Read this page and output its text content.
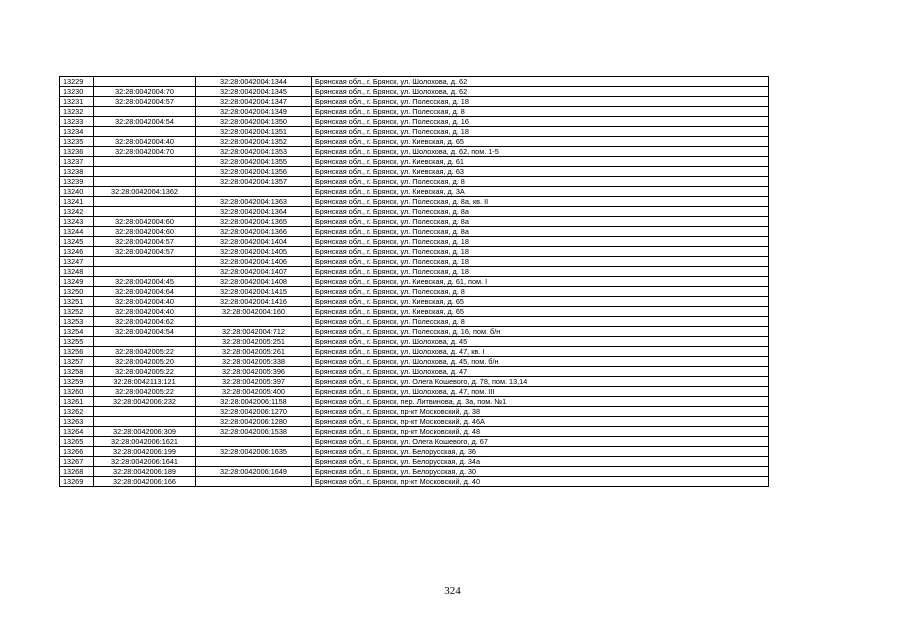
13229		32:28:0042004:1344	Брянская обл., г. Брянск, ул. Шолохова, д. 62
13230	32:28:0042004:70	32:28:0042004:1345	Брянская обл., г. Брянск, ул. Шолохова, д. 62
13231	32:28:0042004:57	32:28:0042004:1347	Брянская обл., г. Брянск, ул. Полесская, д. 18
13232		32:28:0042004:1349	Брянская обл., г. Брянск, ул. Полесская, д. 8
13233	32:28:0042004:54	32:28:0042004:1350	Брянская обл., г. Брянск, ул. Полесская, д. 16
13234		32:28:0042004:1351	Брянская обл., г. Брянск, ул. Полесская, д. 18
13235	32:28:0042004:40	32:28:0042004:1352	Брянская обл., г. Брянск, ул. Киевская, д. 65
13236	32:28:0042004:70	32:28:0042004:1353	Брянская обл., г. Брянск, ул. Шолохова, д. 62, пом. 1-5
13237		32:28:0042004:1355	Брянская обл., г. Брянск, ул. Киевская, д. 61
13238		32:28:0042004:1356	Брянская обл., г. Брянск, ул. Киевская, д. 63
13239		32:28:0042004:1357	Брянская обл., г. Брянск, ул. Полесская, д. 8
13240	32:28:0042004:1362		Брянская обл., г. Брянск, ул. Киевская, д. 3А
13241		32:28:0042004:1363	Брянская обл., г. Брянск, ул. Полесская, д. 8а, кв. II
13242		32:28:0042004:1364	Брянская обл., г. Брянск, ул. Полесская, д. 8а
13243	32:28:0042004:60	32:28:0042004:1365	Брянская обл., г. Брянск, ул. Полесская, д. 8а
13244	32:28:0042004:60	32:28:0042004:1366	Брянская обл., г. Брянск, ул. Полесская, д. 8а
13245	32:28:0042004:57	32:28:0042004:1404	Брянская обл., г. Брянск, ул. Полесская, д. 18
13246	32:28:0042004:57	32:28:0042004:1405	Брянская обл., г. Брянск, ул. Полесская, д. 18
13247		32:28:0042004:1406	Брянская обл., г. Брянск, ул. Полесская, д. 18
13248		32:28:0042004:1407	Брянская обл., г. Брянск, ул. Полесская, д. 18
13249	32:28:0042004:45	32:28:0042004:1408	Брянская обл., г. Брянск, ул. Киевская, д. 61, пом. I
13250	32:28:0042004:64	32:28:0042004:1415	Брянская обл., г. Брянск, ул. Полесская, д. 8
13251	32:28:0042004:40	32:28:0042004:1416	Брянская обл., г. Брянск, ул. Киевская, д. 65
13252	32:28:0042004:40	32:28:0042004:160	Брянская обл., г. Брянск, ул. Киевская, д. 65
13253	32:28:0042004:62		Брянская обл., г. Брянск, ул. Полесская, д. 8
13254	32:28:0042004:54	32:28:0042004:712	Брянская обл., г. Брянск, ул. Полесская, д. 16, пом. б/н
13255		32:28:0042005:251	Брянская обл., г. Брянск, ул. Шолохова, д. 45
13256	32:28:0042005:22	32:28:0042005:261	Брянская обл., г. Брянск, ул. Шолохова, д. 47, кв. I
13257	32:28:0042005:20	32:28:0042005:338	Брянская обл., г. Брянск, ул. Шолохова, д. 45, пом. б/н
13258	32:28:0042005:22	32:28:0042005:396	Брянская обл., г. Брянск, ул. Шолохова, д. 47
13259	32:28:0042113:121	32:28:0042005:397	Брянская обл., г. Брянск, ул. Олега Кошевого, д. 78, пом. 13,14
13260	32:28:0042005:22	32:28:0042005:400	Брянская обл., г. Брянск, ул. Шолохова, д. 47, пом. III
13261	32:28:0042006:232	32:28:0042006:1158	Брянская обл., г. Брянск, пер. Литвинова, д. 3а, пом. №1
13262		32:28:0042006:1270	Брянская обл., г. Брянск, пр-кт Московский, д. 38
13263		32:28:0042006:1280	Брянская обл., г. Брянск, пр-кт Московский, д. 46А
13264	32:28:0042006:309	32:28:0042006:1538	Брянская обл., г. Брянск, пр-кт Московский, д. 48
13265	32:28:0042006:1621		Брянская обл., г. Брянск, ул. Олега Кошевого, д. 67
13266	32:28:0042006:199	32:28:0042006:1635	Брянская обл., г. Брянск, ул. Белорусская, д. 36
13267	32:28:0042006:1641		Брянская обл., г. Брянск, ул. Белорусская, д. 34а
13268	32:28:0042006:189	32:28:0042006:1649	Брянская обл., г. Брянск, ул. Белорусская, д. 30
13269	32:28:0042006:166		Брянская обл., г. Брянск, пр-кт Московский, д. 40
324
